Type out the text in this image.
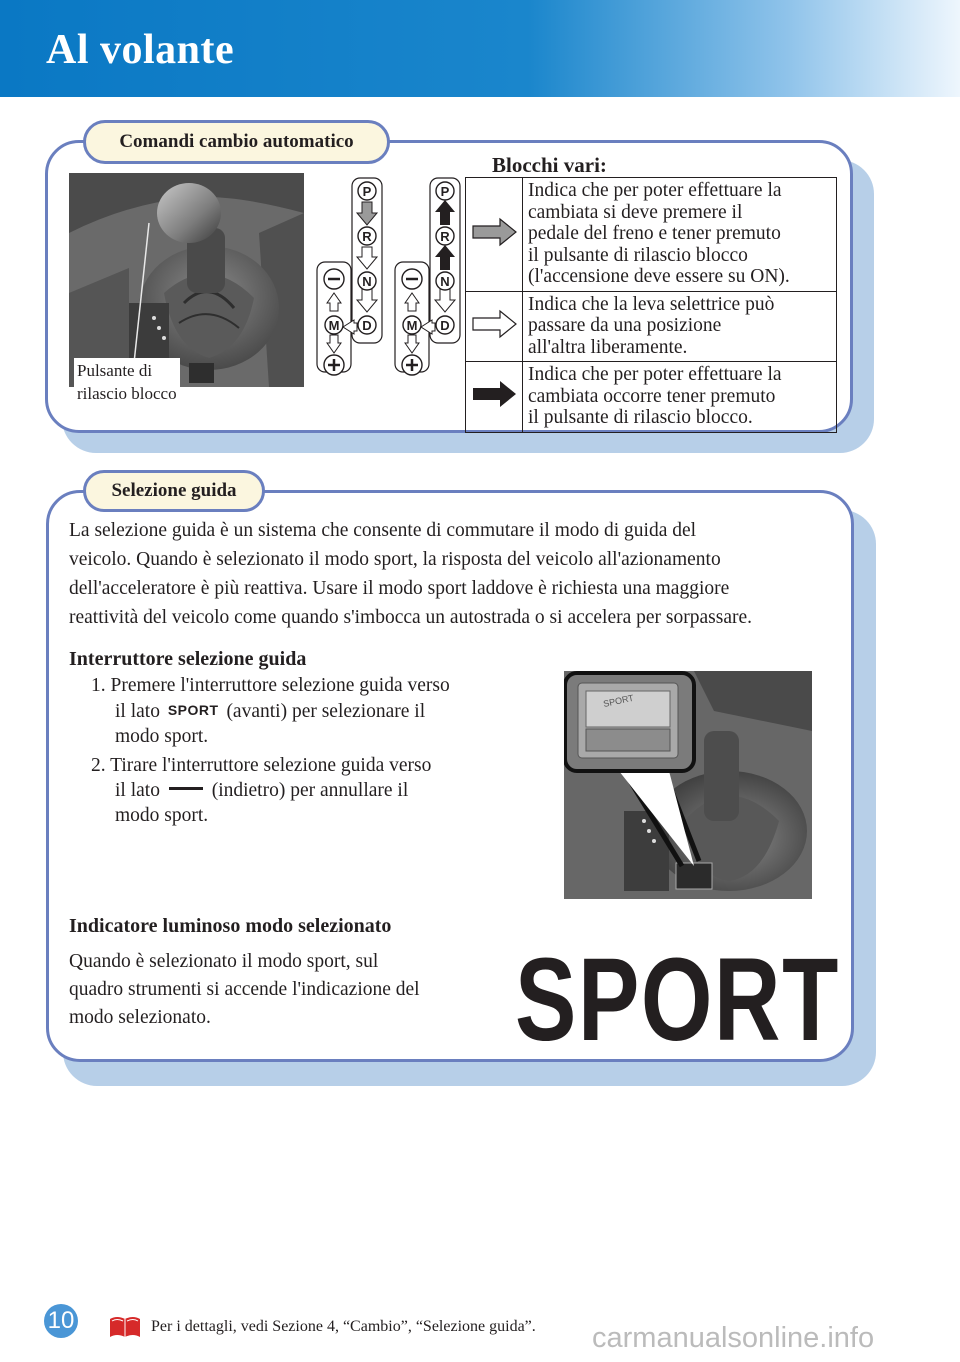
Al volante
Comandi cambio automatico
Pulsante di
rilascio blocco
P
R
N
D
M
P
R
N
D
M
Blocchi vari:

Indica che per poter effettuare la
cambiata si deve premere il
pedale del freno e tener premuto
il pulsante di rilascio blocco
(l'accensione deve essere su ON).

Indica che la leva selettrice può
passare da una posizione
all'altra liberamente.

Indica che per poter effettuare la
cambiata occorre tener premuto
il pulsante di rilascio blocco.
Selezione guida
La selezione guida è un sistema che consente di commutare il modo di guida del
veicolo. Quando è selezionato il modo sport, la risposta del veicolo all'azionamento
dell'acceleratore è più reattiva. Usare il modo sport laddove è richiesta una maggiore
reattività del veicolo come quando s'imbocca un autostrada o si accelera per sorpassare.
Interruttore selezione guida
1. Premere l'interruttore selezione guida verso
il lato SPORT (avanti) per selezionare il
modo sport.
2. Tirare l'interruttore selezione guida verso
il lato	(indietro) per annullare il
modo sport.
SPORT
Indicatore luminoso modo selezionato
Quando è selezionato il modo sport, sul
quadro strumenti si accende l'indicazione del
modo selezionato.	SPORT
10	Per i dettagli, vedi Sezione 4, “Cambio”, “Selezione guida”. carmanualsonline.info
